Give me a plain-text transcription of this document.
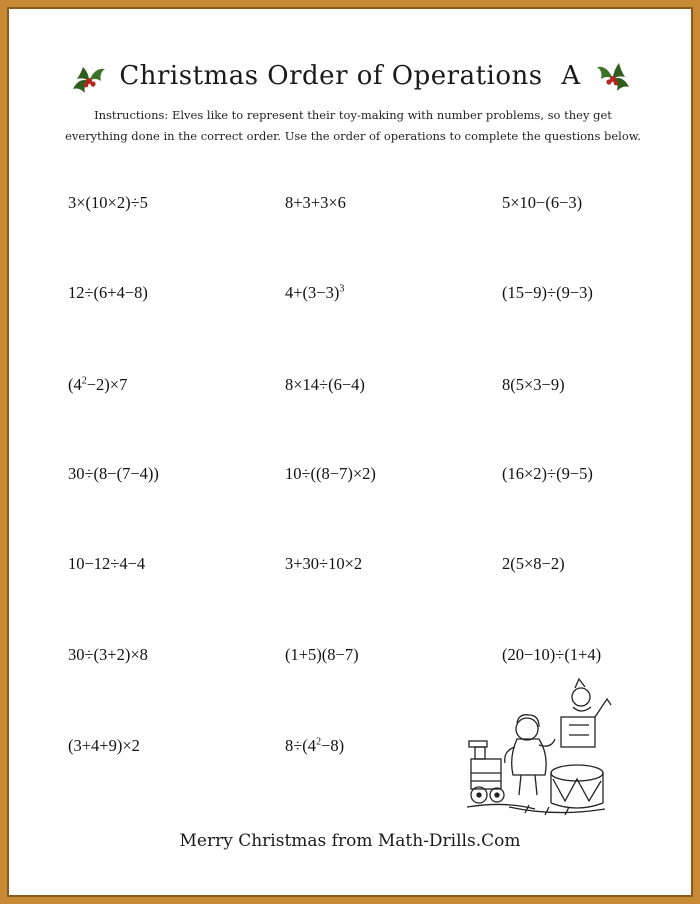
Christmas Order of Operations A
Instructions: Elves like to represent their toy-making with number problems, so they get everything done in the correct order. Use the order of operations to complete the questions below.
3×(10×2)÷5	8+3+3×6	5×10−(6−3)
12÷(6+4−8)	$4+(3-3)^3$	(15−9)÷(9−3)
$(4^2-2)\times 7$	8×14÷(6−4)	8(5×3−9)
30÷(8−(7−4))	10÷((8−7)×2)	(16×2)÷(9−5)
10−12÷4−4	3+30÷10×2	2(5×8−2)
30÷(3+2)×8	(1+5)(8−7)	(20−10)÷(1+4)
(3+4+9)×2	$8\div(4^2-8)$
Merry Christmas from Math-Drills.Com
